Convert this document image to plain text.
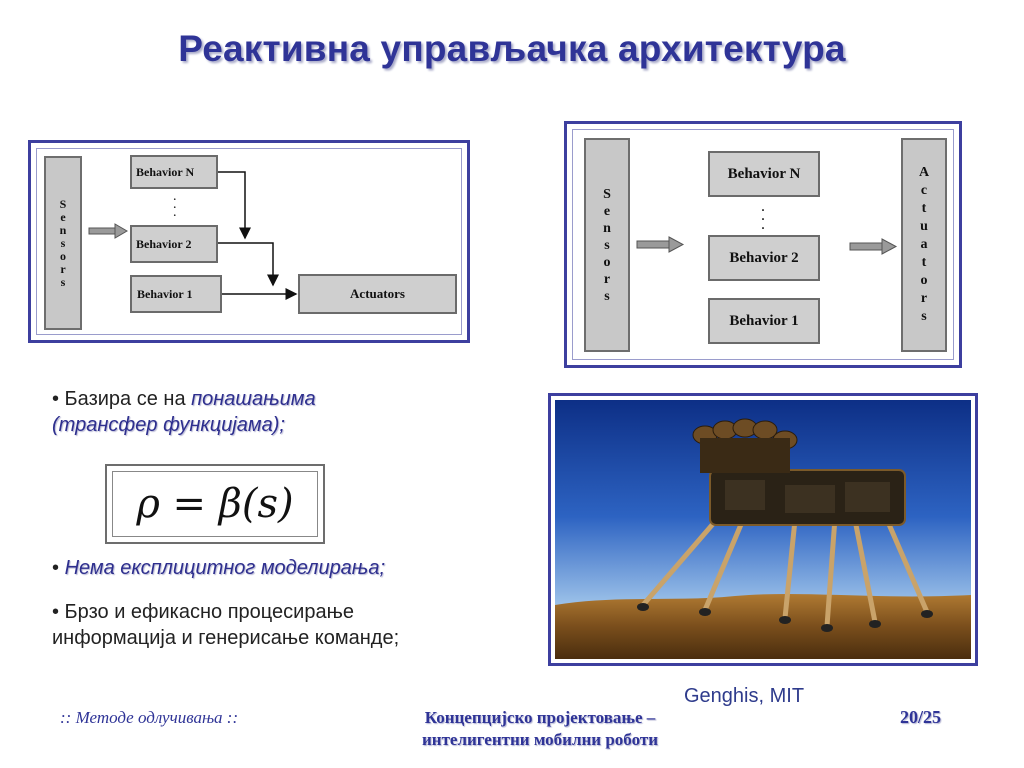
Реактивна управљачка архитектура
S
e
n
s
o
r
s
Behavior N
.
.
.
Behavior 2
Behavior 1	Actuators
S
e
n
s
o
r
s
Behavior N
.
.
.
Behavior 2
Behavior 1
A
c
t
u
a
t
o
r
s
• Базира се на понашањима
(трансфер функцијама);
ρ = β(s)
• Нема експлицитног моделирања;
• Брзо и ефикасно процесирање
информација и генерисање команде;
Genghis, MIT
:: Методе одлучивања ::	Концепцијско пројектовање –
интелигентни мобилни роботи
20/25
